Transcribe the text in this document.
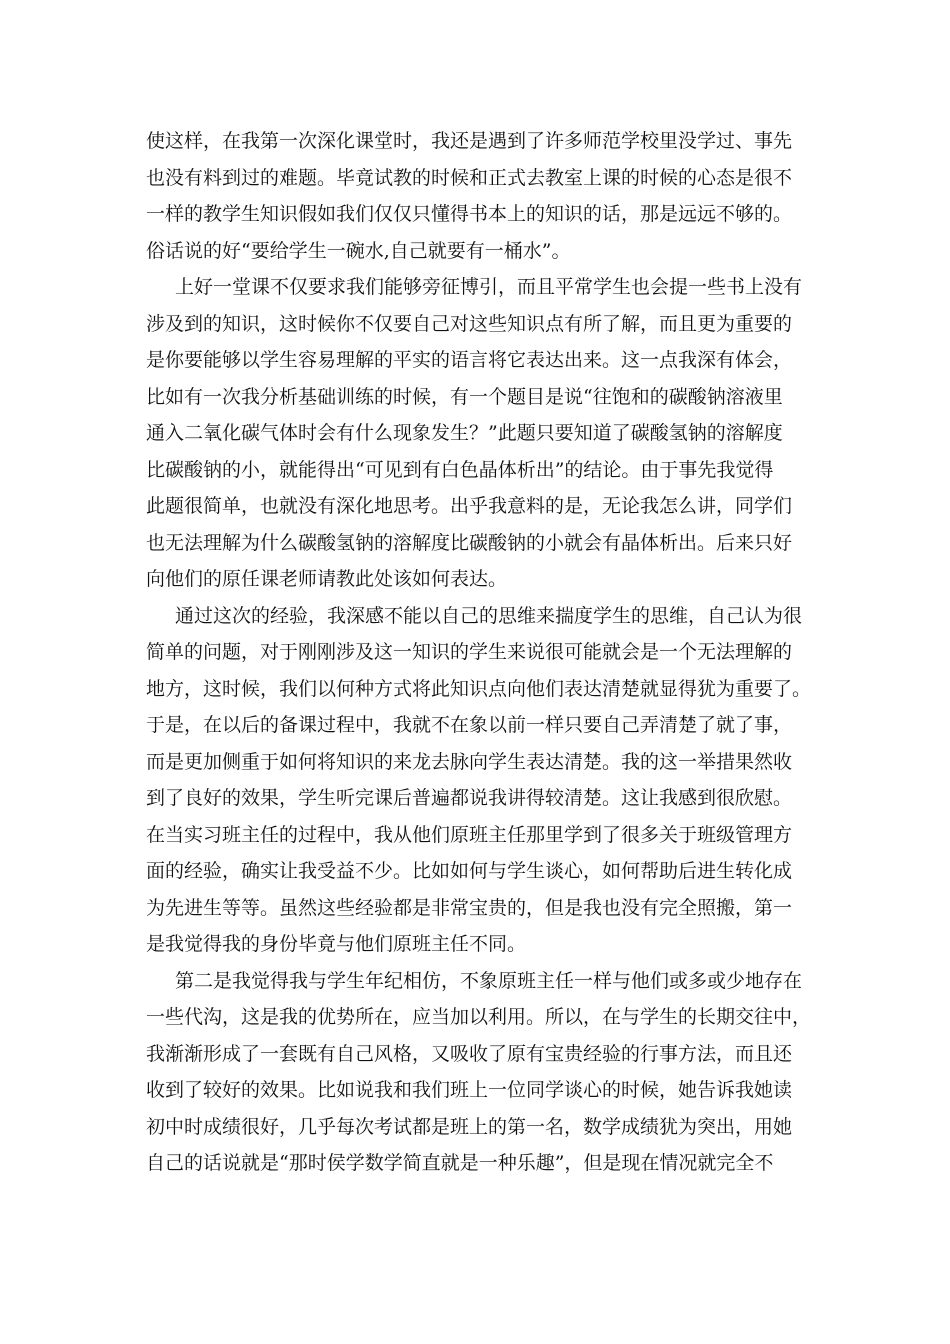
使这样，在我第一次深化课堂时，我还是遇到了许多师范学校里没学过、事先
也没有料到过的难题。毕竟试教的时候和正式去教室上课的时候的心态是很不
一样的教学生知识假如我们仅仅只懂得书本上的知识的话，那是远远不够的。
俗话说的好“要给学生一碗水,自己就要有一桶水”。
上好一堂课不仅要求我们能够旁征博引，而且平常学生也会提一些书上没有
涉及到的知识，这时候你不仅要自己对这些知识点有所了解，而且更为重要的
是你要能够以学生容易理解的平实的语言将它表达出来。这一点我深有体会，
比如有一次我分析基础训练的时候，有一个题目是说“往饱和的碳酸钠溶液里
通入二氧化碳气体时会有什么现象发生？”此题只要知道了碳酸氢钠的溶解度
比碳酸钠的小，就能得出“可见到有白色晶体析出”的结论。由于事先我觉得
此题很简单，也就没有深化地思考。出乎我意料的是，无论我怎么讲，同学们
也无法理解为什么碳酸氢钠的溶解度比碳酸钠的小就会有晶体析出。后来只好
向他们的原任课老师请教此处该如何表达。
通过这次的经验，我深感不能以自己的思维来揣度学生的思维，自己认为很
简单的问题，对于刚刚涉及这一知识的学生来说很可能就会是一个无法理解的
地方，这时候，我们以何种方式将此知识点向他们表达清楚就显得犹为重要了。
于是，在以后的备课过程中，我就不在象以前一样只要自己弄清楚了就了事，
而是更加侧重于如何将知识的来龙去脉向学生表达清楚。我的这一举措果然收
到了良好的效果，学生听完课后普遍都说我讲得较清楚。这让我感到很欣慰。
在当实习班主任的过程中，我从他们原班主任那里学到了很多关于班级管理方
面的经验，确实让我受益不少。比如如何与学生谈心，如何帮助后进生转化成
为先进生等等。虽然这些经验都是非常宝贵的，但是我也没有完全照搬，第一
是我觉得我的身份毕竟与他们原班主任不同。
第二是我觉得我与学生年纪相仿，不象原班主任一样与他们或多或少地存在
一些代沟，这是我的优势所在，应当加以利用。所以，在与学生的长期交往中，
我渐渐形成了一套既有自己风格，又吸收了原有宝贵经验的行事方法，而且还
收到了较好的效果。比如说我和我们班上一位同学谈心的时候，她告诉我她读
初中时成绩很好，几乎每次考试都是班上的第一名，数学成绩犹为突出，用她
自己的话说就是“那时侯学数学简直就是一种乐趣”，但是现在情况就完全不
